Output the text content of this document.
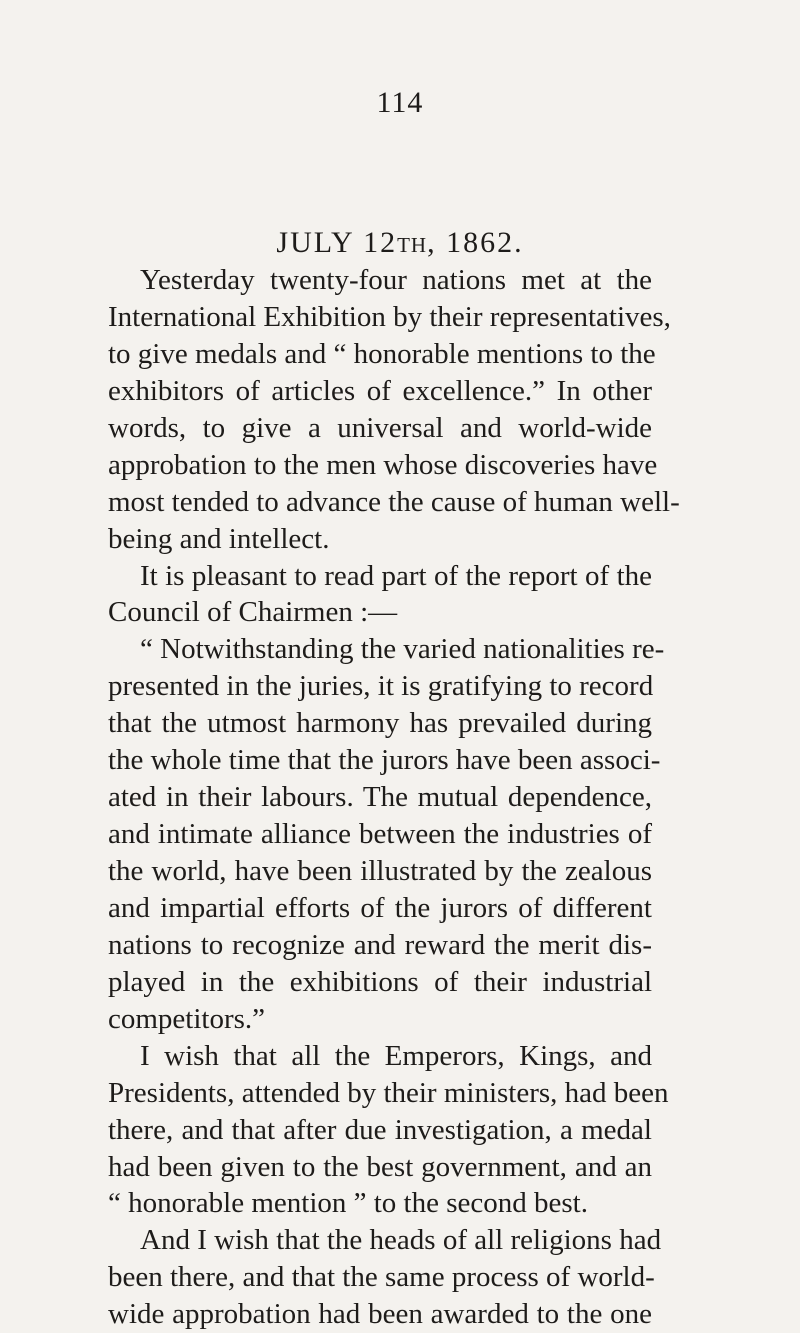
114
JULY 12th, 1862.
Yesterday twenty-four nations met at the
International Exhibition by their representatives,
to give medals and “ honorable mentions to the
exhibitors of articles of excellence.” In other
words, to give a universal and world-wide
approbation to the men whose discoveries have
most tended to advance the cause of human well-
being and intellect.
It is pleasant to read part of the report of the
Council of Chairmen :—
“ Notwithstanding the varied nationalities re-
presented in the juries, it is gratifying to record
that the utmost harmony has prevailed during
the whole time that the jurors have been associ-
ated in their labours. The mutual dependence,
and intimate alliance between the industries of
the world, have been illustrated by the zealous
and impartial efforts of the jurors of different
nations to recognize and reward the merit dis-
played in the exhibitions of their industrial
competitors.”
I wish that all the Emperors, Kings, and
Presidents, attended by their ministers, had been
there, and that after due investigation, a medal
had been given to the best government, and an
“ honorable mention ” to the second best.
And I wish that the heads of all religions had
been there, and that the same process of world-
wide approbation had been awarded to the one
